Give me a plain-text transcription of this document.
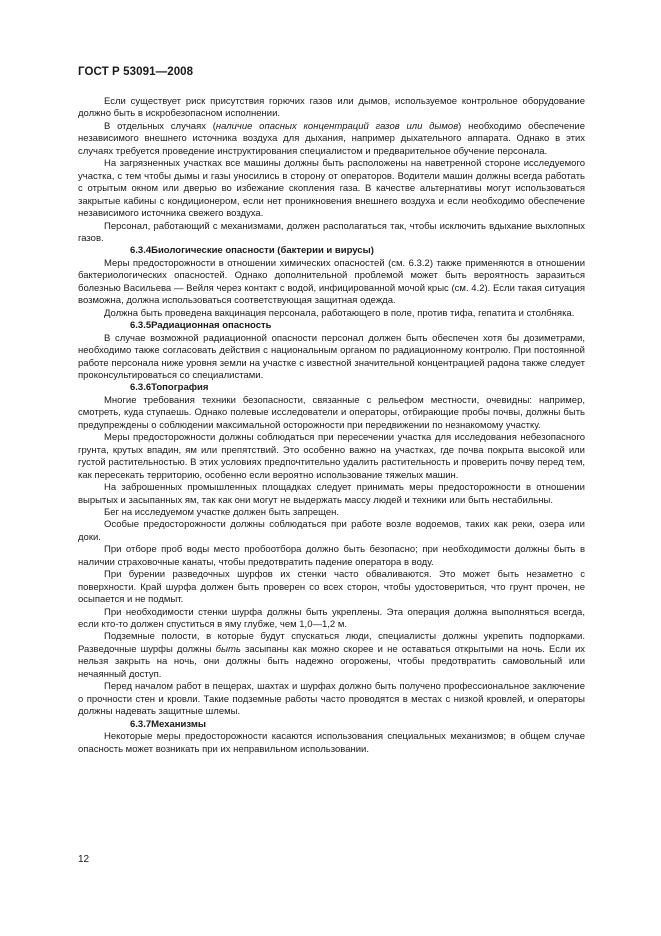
ГОСТ Р 53091—2008

Если существует риск присутствия горючих газов или дымов, используемое контрольное оборудование должно быть в искробезопасном исполнении.

В отдельных случаях (наличие опасных концентраций газов или дымов) необходимо обеспечение независимого внешнего источника воздуха для дыхания, например дыхательного аппарата. Однако в этих случаях требуется проведение инструктирования специалистом и предварительное обучение персонала.

На загрязненных участках все машины должны быть расположены на наветренной стороне исследуемого участка, с тем чтобы дымы и газы уносились в сторону от операторов. Водители машин должны всегда работать с отрытым окном или дверью во избежание скопления газа. В качестве альтернативы могут использоваться закрытые кабины с кондиционером, если нет проникновения внешнего воздуха и если необходимо обеспечение независимого источника свежего воздуха.

Персонал, работающий с механизмами, должен располагаться так, чтобы исключить вдыхание выхлопных газов.

6.3.4Биологические опасности (бактерии и вирусы)

Меры предосторожности в отношении химических опасностей (см. 6.3.2) также применяются в отношении бактериологических опасностей. Однако дополнительной проблемой может быть вероятность заразиться болезнью Васильева — Вейля через контакт с водой, инфицированной мочой крыс (см. 4.2). Если такая ситуация возможна, должна использоваться соответствующая защитная одежда.

Должна быть проведена вакцинация персонала, работающего в поле, против тифа, гепатита и столбняка.

6.3.5Радиационная опасность

В случае возможной радиационной опасности персонал должен быть обеспечен хотя бы дозиметрами, необходимо также согласовать действия с национальным органом по радиационному контролю. При постоянной работе персонала ниже уровня земли на участке с известной значительной концентрацией радона также следует проконсультироваться со специалистами.

6.3.6Топография

Многие требования техники безопасности, связанные с рельефом местности, очевидны: например, смотреть, куда ступаешь. Однако полевые исследователи и операторы, отбирающие пробы почвы, должны быть предупреждены о соблюдении максимальной осторожности при передвижении по незнакомому участку.

Меры предосторожности должны соблюдаться при пересечении участка для исследования небезопасного грунта, крутых впадин, ям или препятствий. Это особенно важно на участках, где почва покрыта высокой или густой растительностью. В этих условиях предпочтительно удалить растительность и проверить почву перед тем, как пересекать территорию, особенно если вероятно использование тяжелых машин.

На заброшенных промышленных площадках следует принимать меры предосторожности в отношении вырытых и засыпанных ям, так как они могут не выдержать массу людей и техники или быть нестабильны.

Бег на исследуемом участке должен быть запрещен.

Особые предосторожности должны соблюдаться при работе возле водоемов, таких как реки, озера или доки.

При отборе проб воды место пробоотбора должно быть безопасно; при необходимости должны быть в наличии страховочные канаты, чтобы предотвратить падение оператора в воду.

При бурении разведочных шурфов их стенки часто обваливаются. Это может быть незаметно с поверхности. Край шурфа должен быть проверен со всех сторон, чтобы удостовериться, что грунт прочен, не осыпается и не подмыт.

При необходимости стенки шурфа должны быть укреплены. Эта операция должна выполняться всегда, если кто-то должен спуститься в яму глубже, чем 1,0—1,2 м.

Подземные полости, в которые будут спускаться люди, специалисты должны укрепить подпорками. Разведочные шурфы должны быть засыпаны как можно скорее и не оставаться открытыми на ночь. Если их нельзя закрыть на ночь, они должны быть надежно огорожены, чтобы предотвратить самовольный или нечаянный доступ.

Перед началом работ в пещерах, шахтах и шурфах должно быть получено профессиональное заключение о прочности стен и кровли. Такие подземные работы часто проводятся в местах с низкой кровлей, и операторы должны надевать защитные шлемы.

6.3.7Механизмы

Некоторые меры предосторожности касаются использования специальных механизмов; в общем случае опасность может возникать при их неправильном использовании.

12
